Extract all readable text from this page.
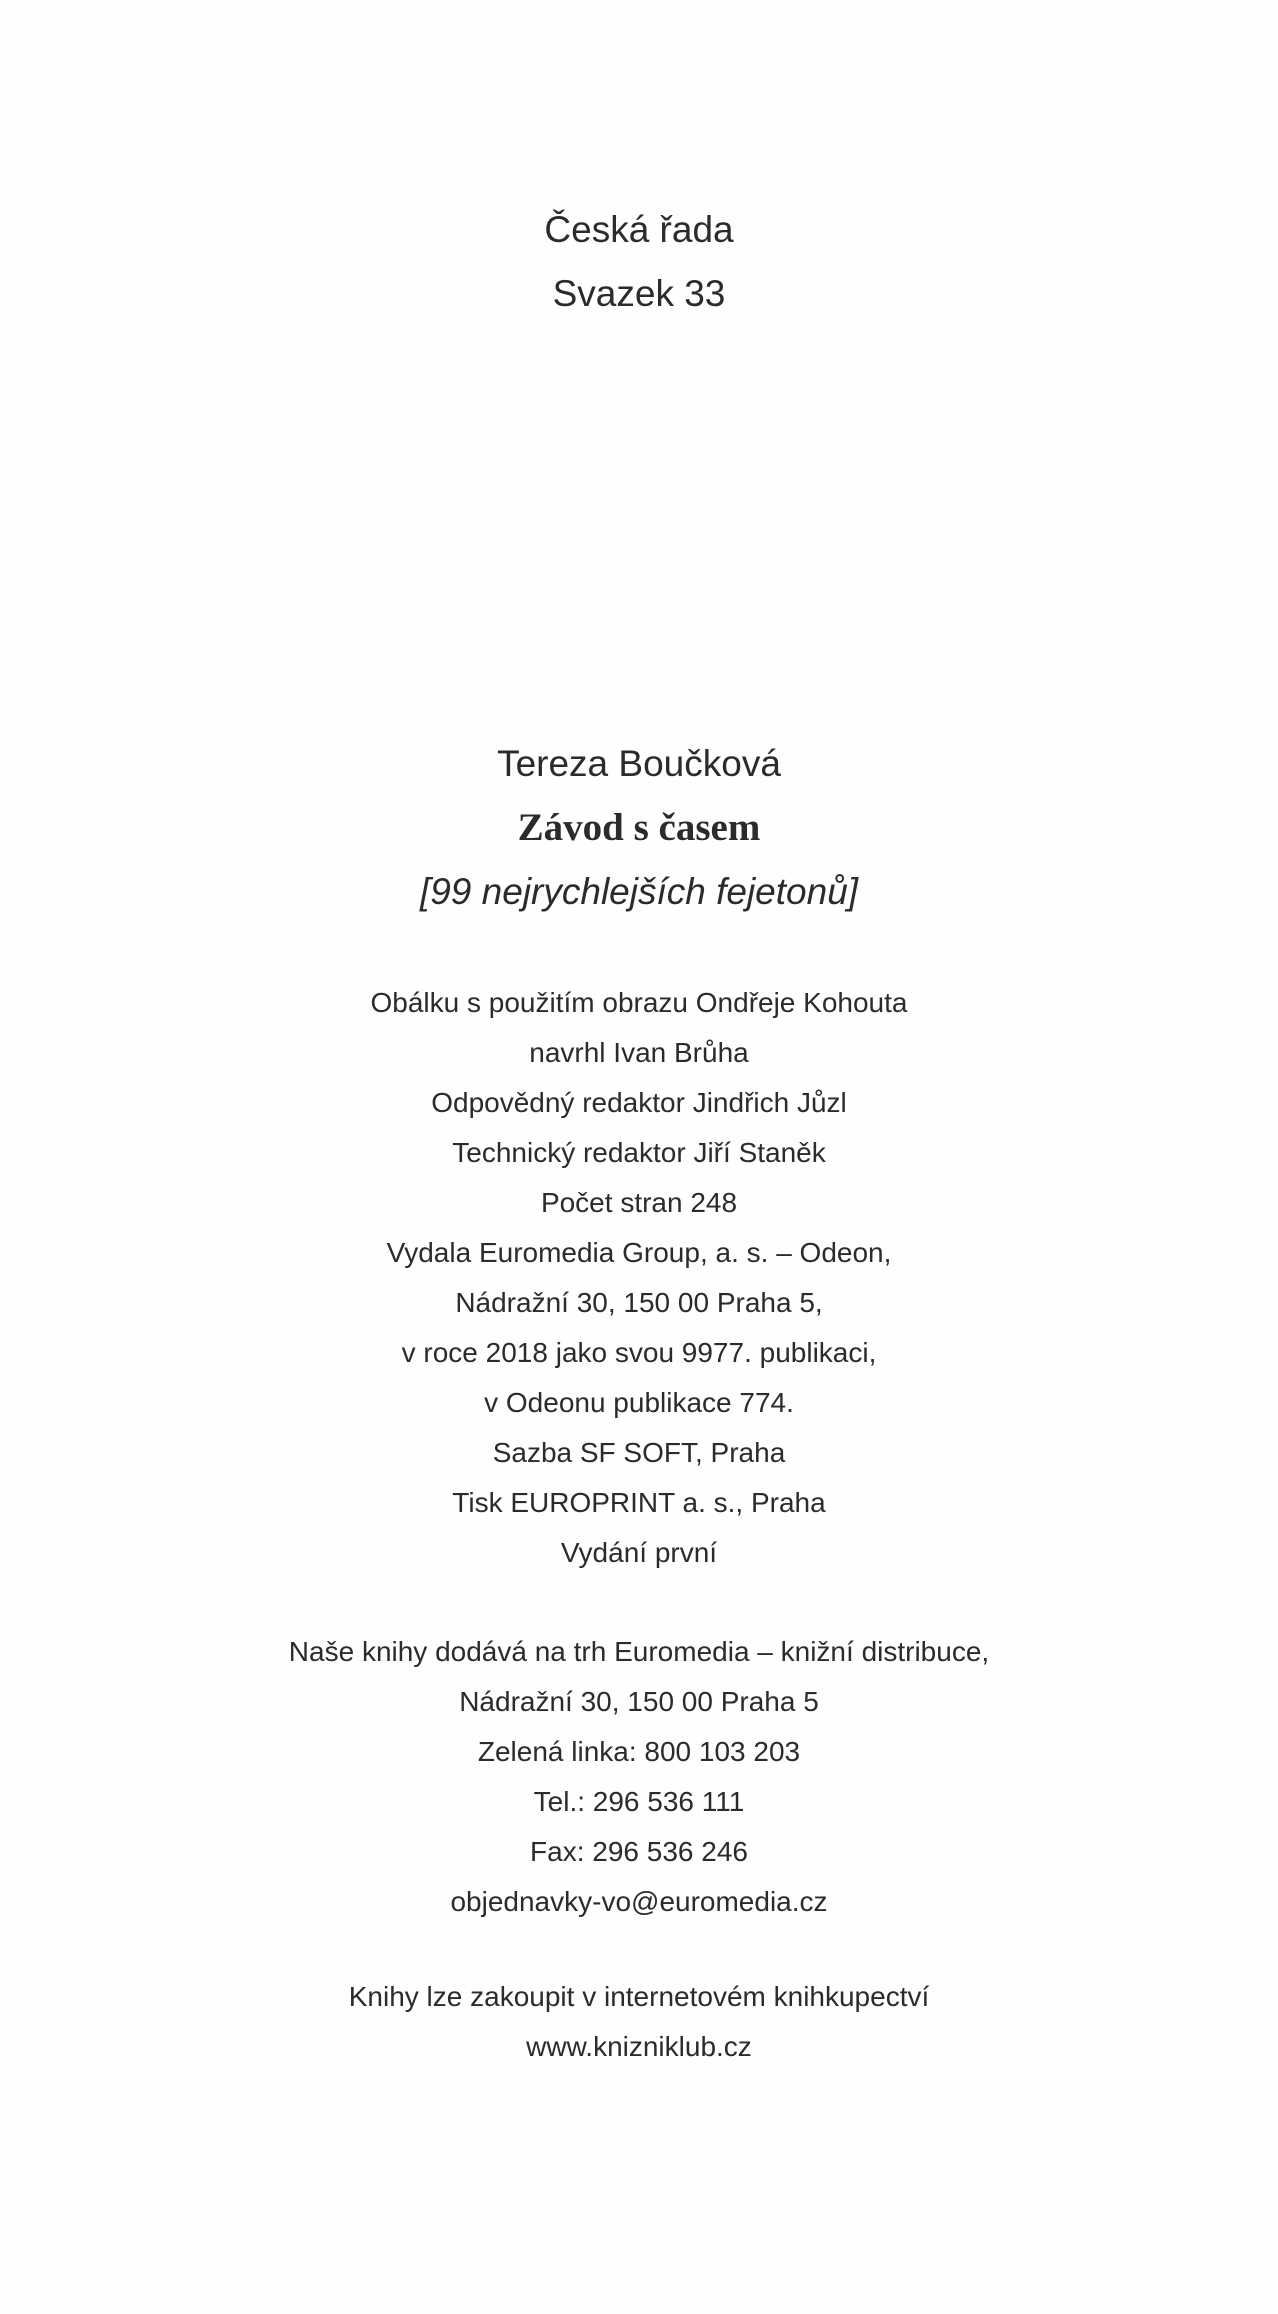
Česká řada
Svazek 33
Tereza Boučková
Závod s časem
[99 nejrychlejších fejetonů]
Obálku s použitím obrazu Ondřeje Kohouta
navrhl Ivan Brůha
Odpovědný redaktor Jindřich Jůzl
Technický redaktor Jiří Staněk
Počet stran 248
Vydala Euromedia Group, a. s. – Odeon,
Nádražní 30, 150 00 Praha 5,
v roce 2018 jako svou 9977. publikaci,
v Odeonu publikace 774.
Sazba SF SOFT, Praha
Tisk EUROPRINT a. s., Praha
Vydání první
Naše knihy dodává na trh Euromedia – knižní distribuce,
Nádražní 30, 150 00 Praha 5
Zelená linka: 800 103 203
Tel.: 296 536 111
Fax: 296 536 246
objednavky-vo@euromedia.cz
Knihy lze zakoupit v internetovém knihkupectví
www.knizniklub.cz
